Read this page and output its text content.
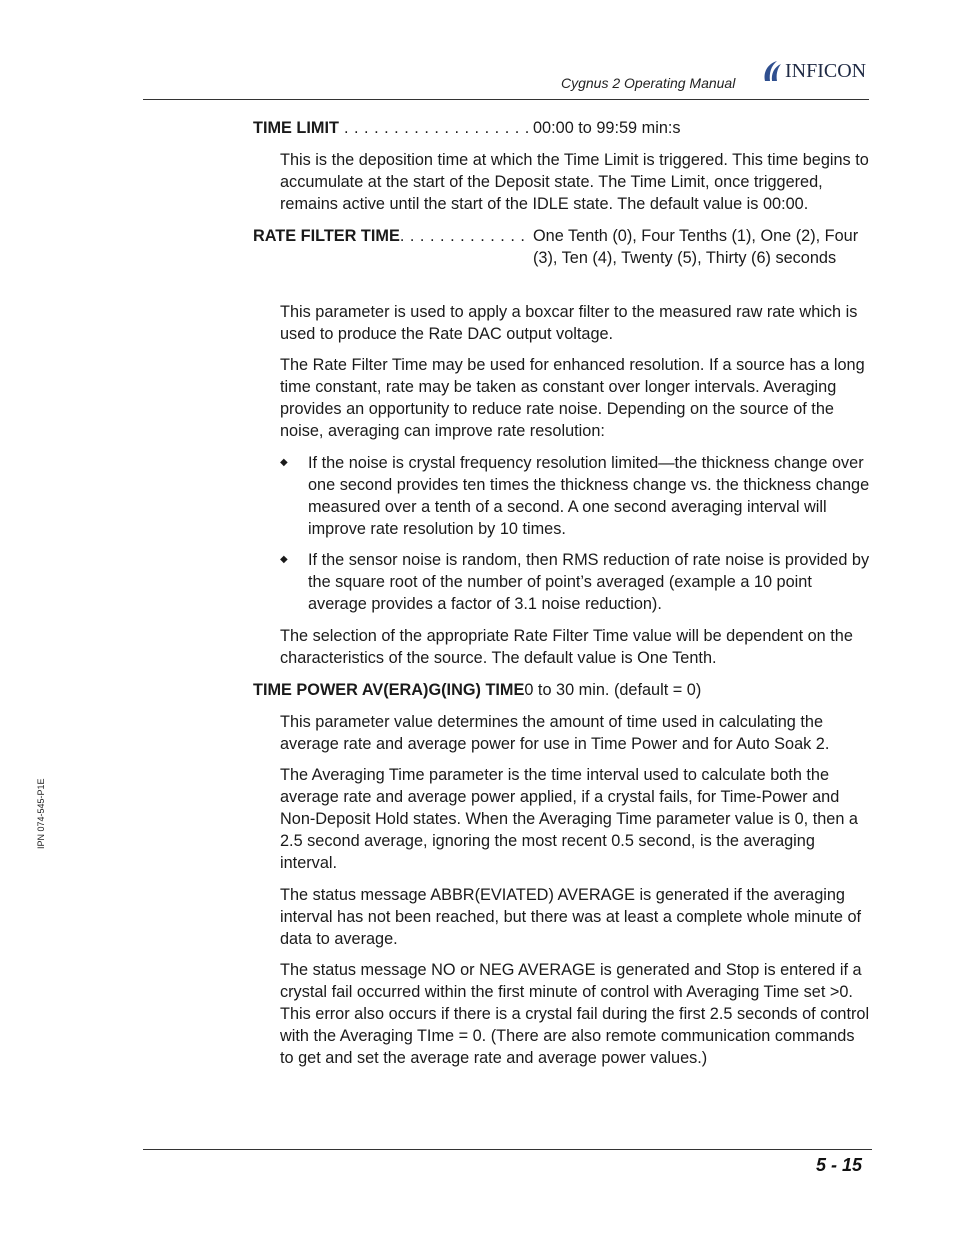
Cygnus 2 Operating Manual
INFICON
IPN 074-545-P1E
TIME LIMIT . . . . . . . . . . . . . . . . . . . 00:00 to 99:59 min:s

This is the deposition time at which the Time Limit is triggered. This time begins to accumulate at the start of the Deposit state. The Time Limit, once triggered, remains active until the start of the IDLE state. The default value is 00:00.

RATE FILTER TIME. . . . . . . . . . . . . One Tenth (0), Four Tenths (1), One (2), Four (3), Ten (4), Twenty (5), Thirty (6) seconds

This parameter is used to apply a boxcar filter to the measured raw rate which is used to produce the Rate DAC output voltage.

The Rate Filter Time may be used for enhanced resolution. If a source has a long time constant, rate may be taken as constant over longer intervals. Averaging provides an opportunity to reduce rate noise. Depending on the source of the noise, averaging can improve rate resolution:

◆	If the noise is crystal frequency resolution limited—the thickness change over one second provides ten times the thickness change vs. the thickness change measured over a tenth of a second. A one second averaging interval will improve rate resolution by 10 times.
◆	If the sensor noise is random, then RMS reduction of rate noise is provided by the square root of the number of point’s averaged (example a 10 point average provides a factor of 3.1 noise reduction).

The selection of the appropriate Rate Filter Time value will be dependent on the characteristics of the source. The default value is One Tenth.

TIME POWER AV(ERA)G(ING) TIME 0 to 30 min. (default = 0)

This parameter value determines the amount of time used in calculating the average rate and average power for use in Time Power and for Auto Soak 2.

The Averaging Time parameter is the time interval used to calculate both the average rate and average power applied, if a crystal fails, for Time-Power and Non-Deposit Hold states. When the Averaging Time parameter value is 0, then a 2.5 second average, ignoring the most recent 0.5 second, is the averaging interval.

The status message ABBR(EVIATED) AVERAGE is generated if the averaging interval has not been reached, but there was at least a complete whole minute of data to average.

The status message NO or NEG AVERAGE is generated and Stop is entered if a crystal fail occurred within the first minute of control with Averaging Time set >0. This error also occurs if there is a crystal fail during the first 2.5 seconds of control with the Averaging TIme = 0. (There are also remote communication commands to get and set the average rate and average power values.)

5 - 15
